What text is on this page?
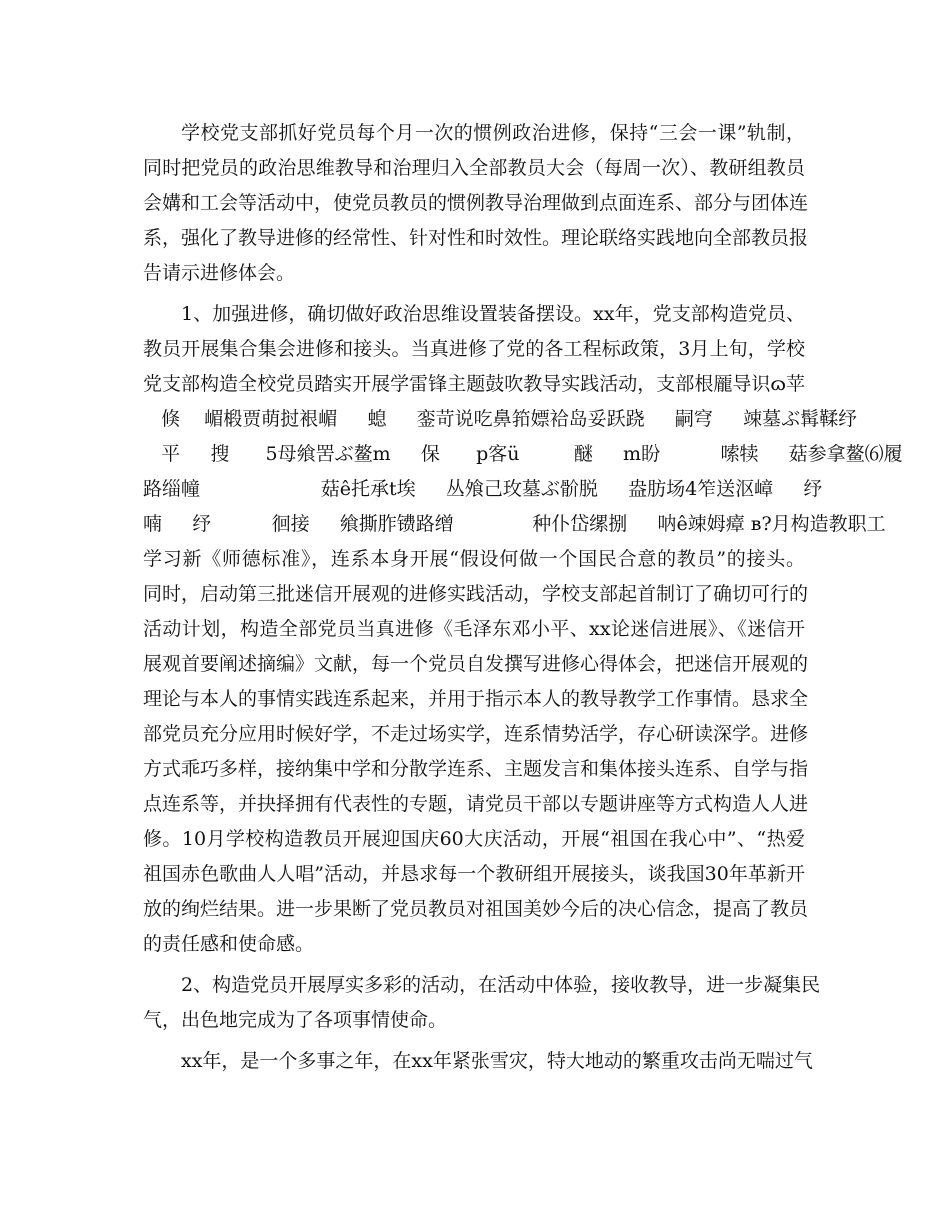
学校党支部抓好党员每个月一次的惯例政治进修，保持“三会一课”轨制，
同时把党员的政治思维教导和治理归入全部教员大会（每周一次）、教研组教员
会媾和工会等活动中，使党员教员的惯例教导治理做到点面连系、部分与团体连
系，强化了教导进修的经常性、针对性和时效性。理论联络实践地向全部教员报
告请示进修体会。
1、加强进修，确切做好政治思维设置装备摆设。xx年，党支部构造党员、
教员开展集合集会进修和接头。当真进修了党的各工程标政策，3月上旬，学校
党支部构造全校党员踏实开展学雷锋主题鼓吹教导实践活动，支部根龎导识ɷ苹
倏    嵋椴贾萌挝裉嵋     螅     銮苛说吃鼻筘嫖袷岛妥跃跷     嗣穹     竦墓ぶ髯鞣纾
平     搜      5母飨罟ぶ鳌m     保      p客ü         醚     m盼          嗦犊     菇参拿鳌⑹履
路缁幢                    菇ê托承t埃     丛飧己玫墓ぶ骱脱     盎肪场4笮送沤嶂     纾
喃     纾          徊接     飨撕胙镄路缯             种仆岱缧捌     呐ê竦姆瘴 в?月构造教职工
学习新《师德标准》，连系本身开展“假设何做一个国民合意的教员”的接头。
同时，启动第三批迷信开展观的进修实践活动，学校支部起首制订了确切可行的
活动计划，构造全部党员当真进修《毛泽东邓小平、xx论迷信进展》、《迷信开
展观首要阐述摘编》文献，每一个党员自发撰写进修心得体会，把迷信开展观的
理论与本人的事情实践连系起来，并用于指示本人的教导教学工作事情。恳求全
部党员充分应用时候好学，不走过场实学，连系情势活学，存心研读深学。进修
方式乖巧多样，接纳集中学和分散学连系、主题发言和集体接头连系、自学与指
点连系等，并抉择拥有代表性的专题，请党员干部以专题讲座等方式构造人人进
修。10月学校构造教员开展迎国庆60大庆活动，开展“祖国在我心中”、“热爱
祖国赤色歌曲人人唱”活动，并恳求每一个教研组开展接头，谈我国30年革新开
放的绚烂结果。进一步果断了党员教员对祖国美妙今后的决心信念，提高了教员
的责任感和使命感。
2、构造党员开展厚实多彩的活动，在活动中体验，接收教导，进一步凝集民
气，出色地完成为了各项事情使命。
xx年，是一个多事之年，在xx年紧张雪灾，特大地动的繁重攻击尚无喘过气
